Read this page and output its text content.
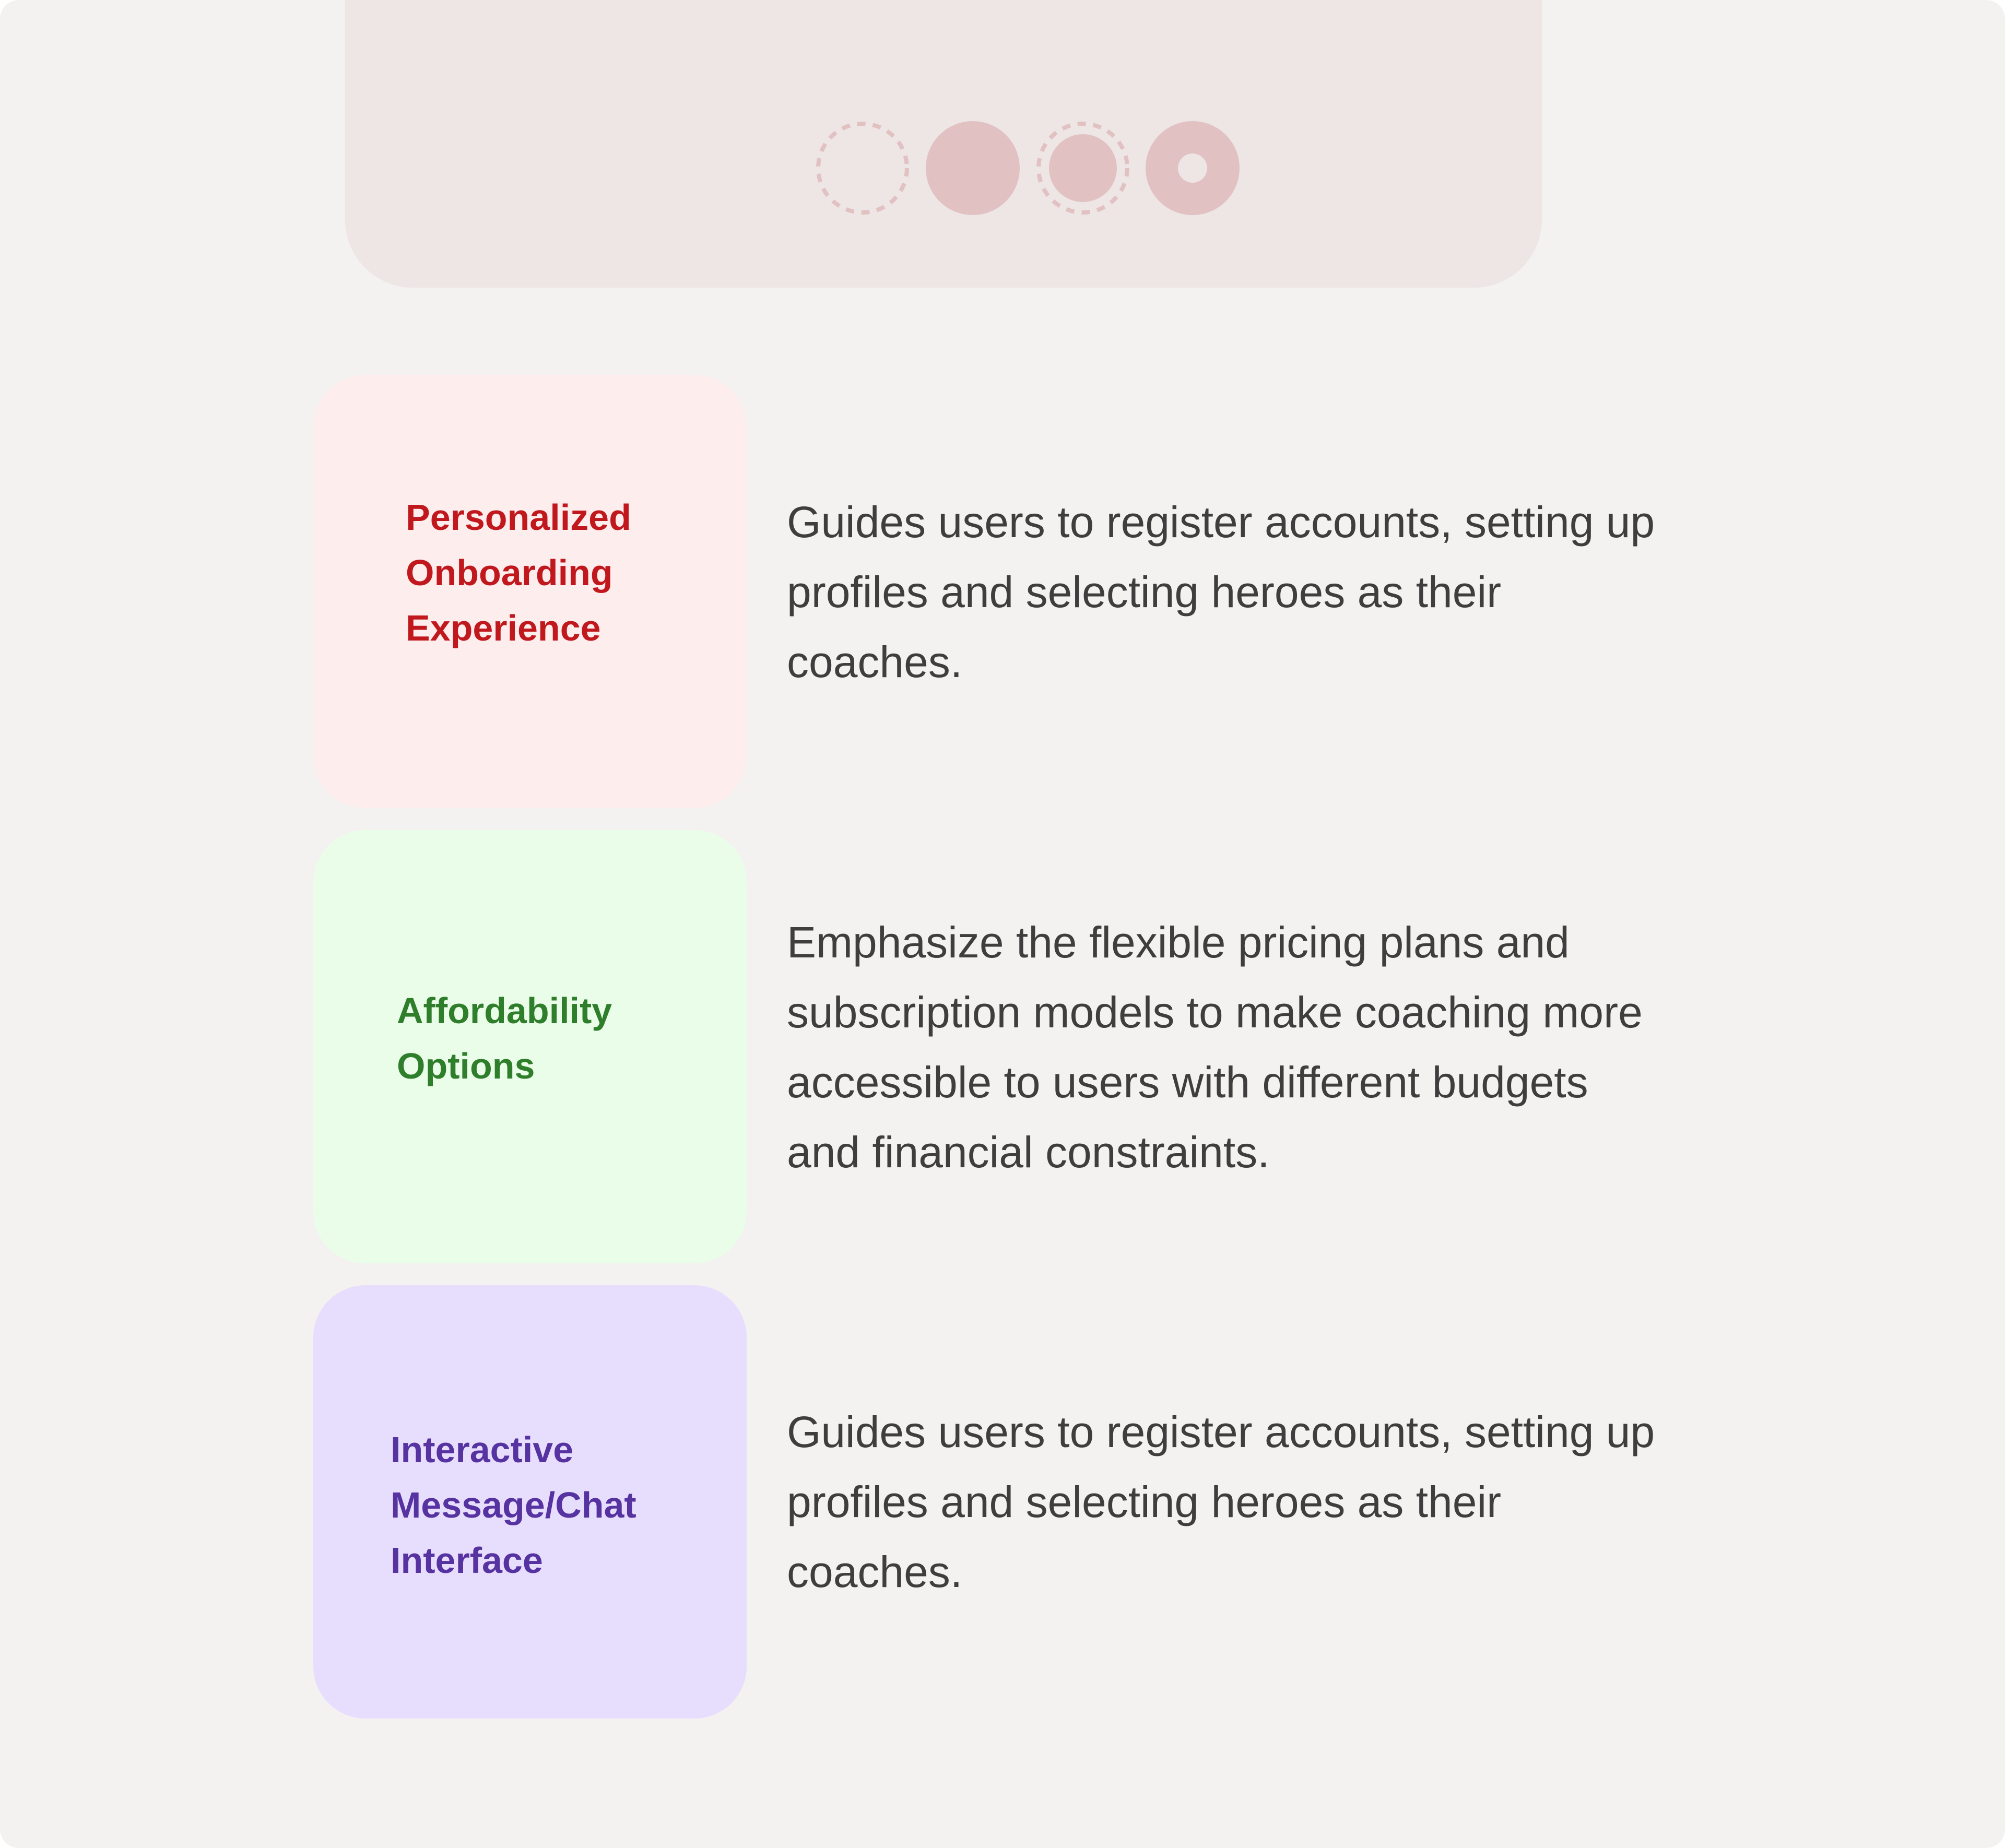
Personalized
Onboarding
Experience
Guides users to register accounts, setting up
profiles and selecting heroes as their
coaches.
Affordability
Options
Emphasize the flexible pricing plans and
subscription models to make coaching more
accessible to users with different budgets
and financial constraints.
Interactive
Message/Chat
Interface
Guides users to register accounts, setting up
profiles and selecting heroes as their
coaches.
